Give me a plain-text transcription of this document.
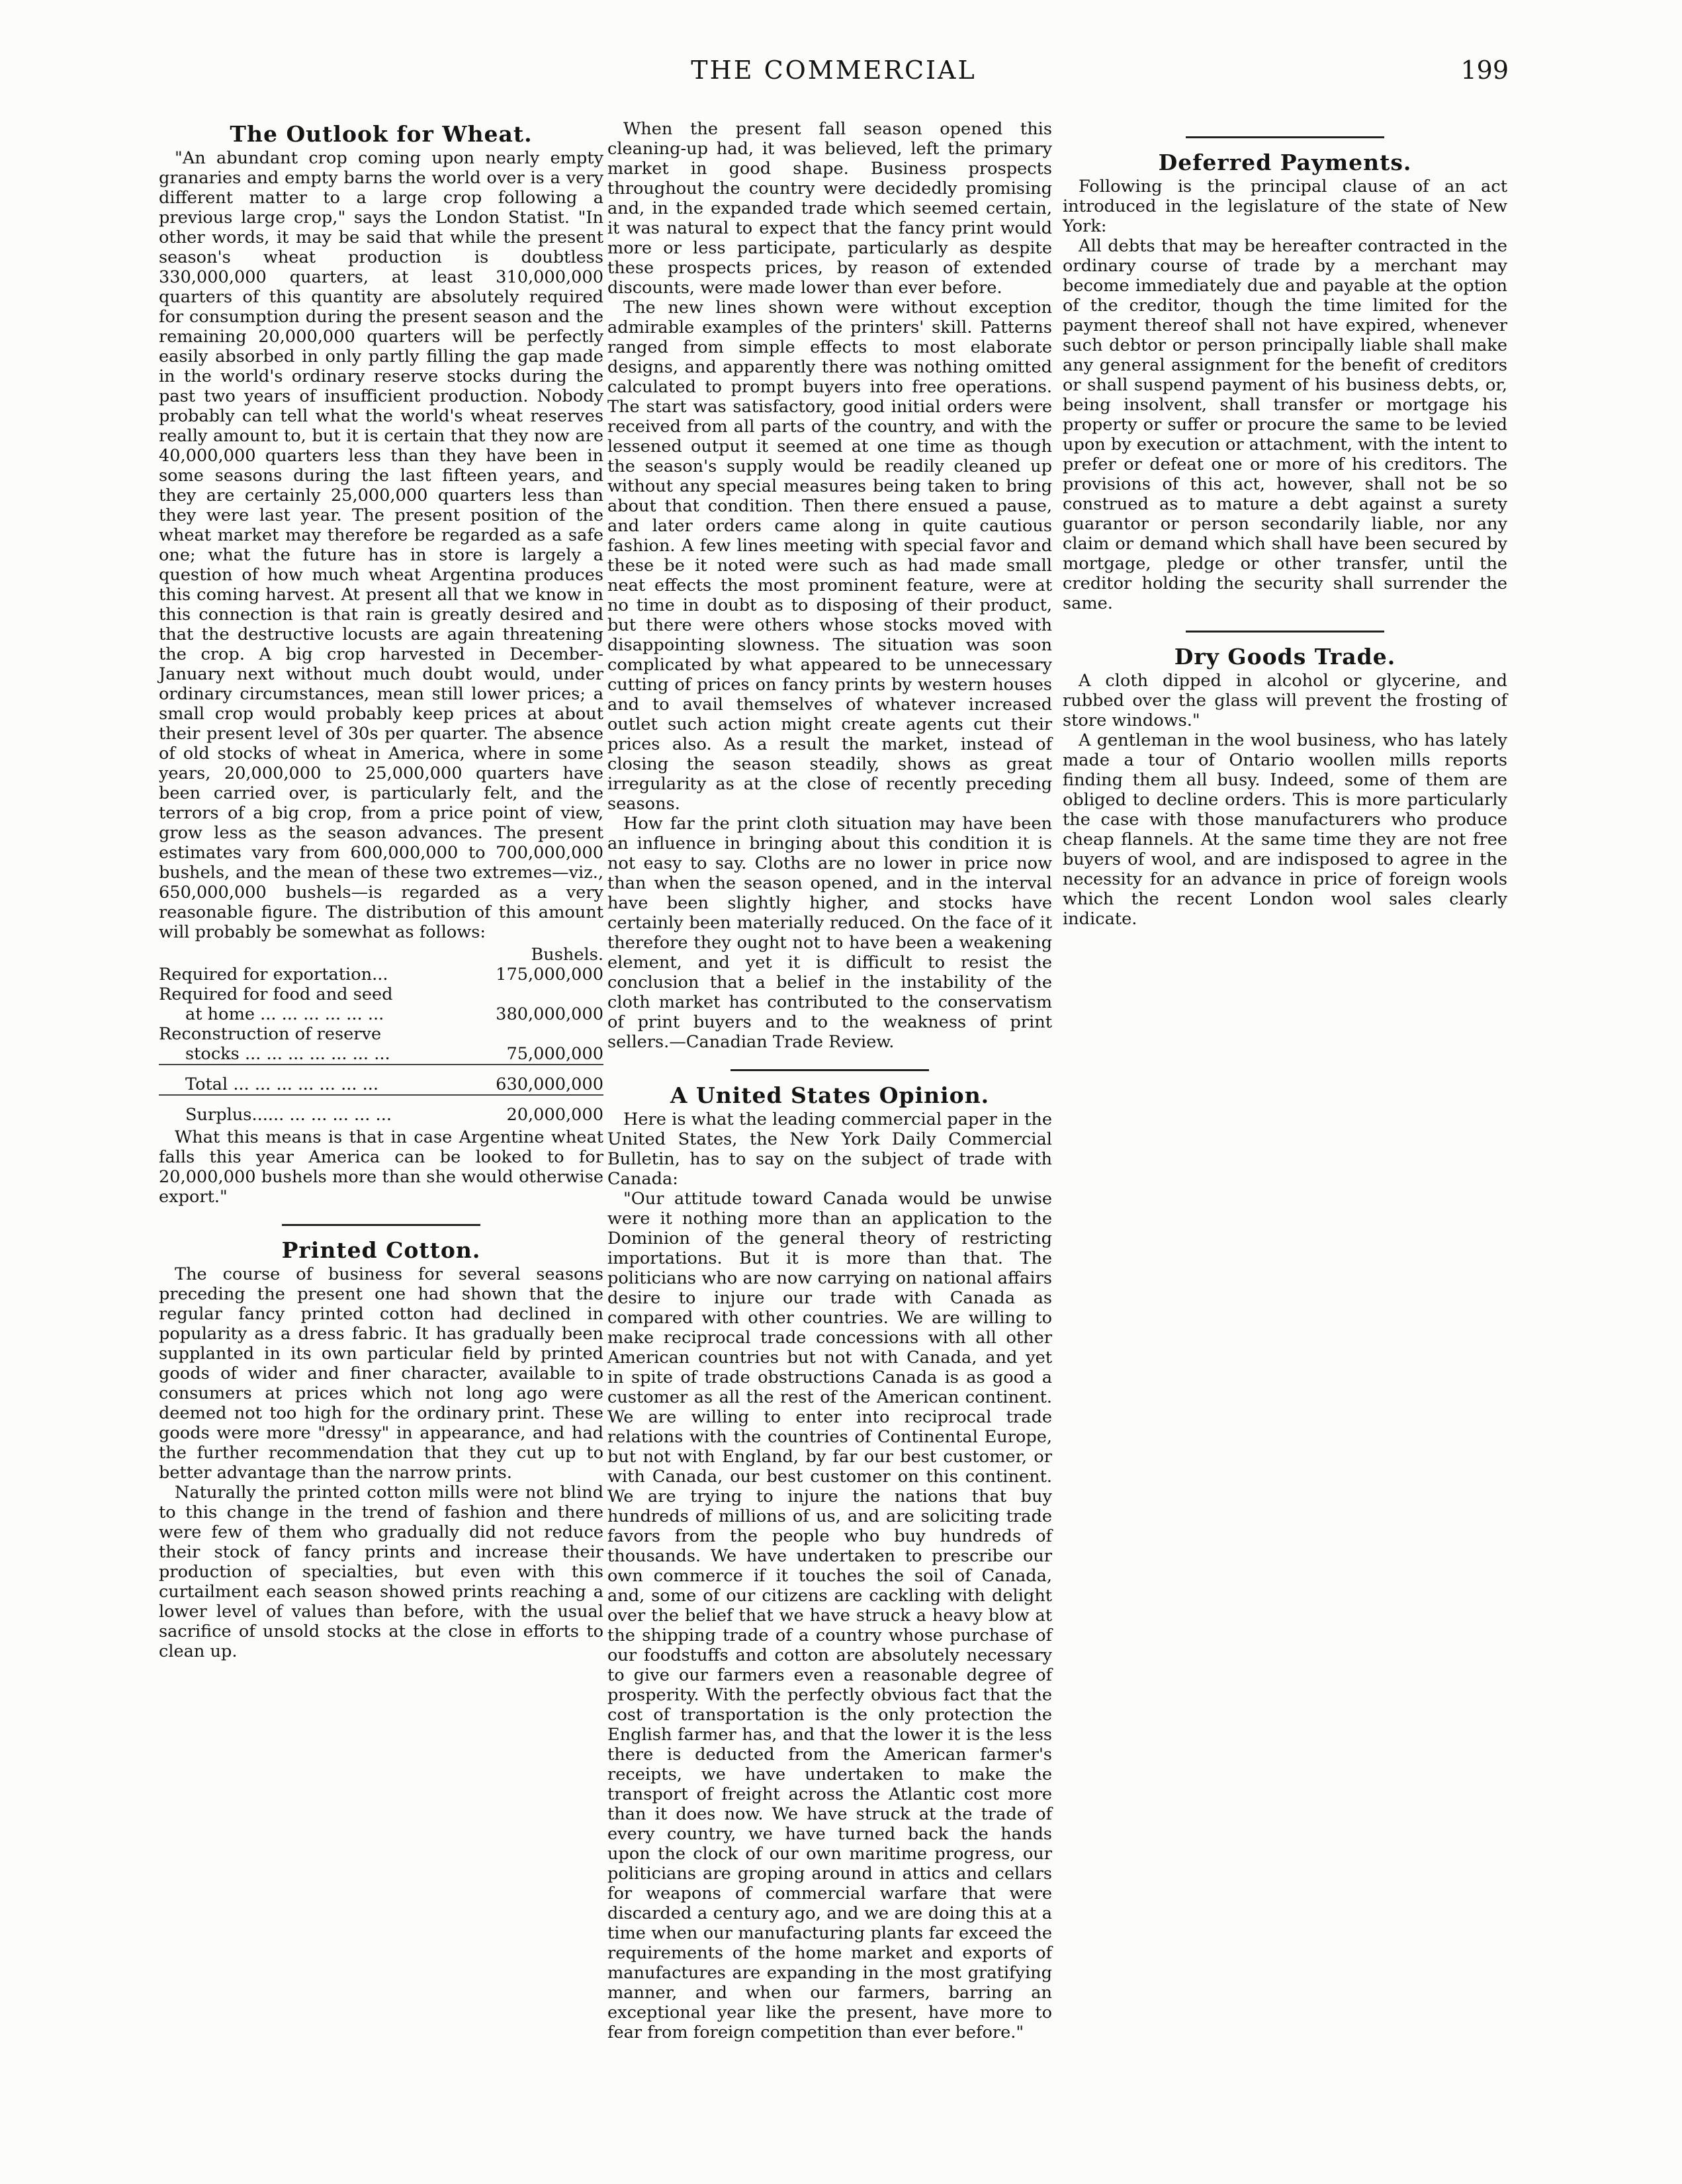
THE COMMERCIAL	199
The Outlook for Wheat.

"An abundant crop coming upon nearly empty granaries and empty barns the world over is a very different matter to a large crop following a previous large crop," says the London Statist. "In other words, it may be said that while the present season's wheat production is doubtless 330,000,000 quarters, at least 310,000,000 quarters of this quantity are absolutely required for consumption during the present season and the remaining 20,000,000 quarters will be perfectly easily absorbed in only partly filling the gap made in the world's ordinary reserve stocks during the past two years of insufficient production. Nobody probably can tell what the world's wheat reserves really amount to, but it is certain that they now are 40,000,000 quarters less than they have been in some seasons during the last fifteen years, and they are certainly 25,000,000 quarters less than they were last year. The present position of the wheat market may therefore be regarded as a safe one; what the future has in store is largely a question of how much wheat Argentina produces this coming harvest. At present all that we know in this connection is that rain is greatly desired and that the destructive locusts are again threatening the crop. A big crop harvested in December-January next without much doubt would, under ordinary circumstances, mean still lower prices; a small crop would probably keep prices at about their present level of 30s per quarter. The absence of old stocks of wheat in America, where in some years, 20,000,000 to 25,000,000 quarters have been carried over, is particularly felt, and the terrors of a big crop, from a price point of view, grow less as the season advances. The present estimates vary from 600,000,000 to 700,000,000 bushels, and the mean of these two extremes—viz., 650,000,000 bushels—is regarded as a very reasonable figure. The distribution of this amount will probably be somewhat as follows:

	Bushels.
Required for exportation...	175,000,000
Required for food and seed	
at home ... ... ... ... ... ...	380,000,000
Reconstruction of reserve	
stocks ... ... ... ... ... ... ...	75,000,000
Total ... ... ... ... ... ... ...	630,000,000
Surplus...... ... ... ... ... ...	20,000,000

What this means is that in case Argentine wheat falls this year America can be looked to for 20,000,000 bushels more than she would otherwise export."

Printed Cotton.

The course of business for several seasons preceding the present one had shown that the regular fancy printed cotton had declined in popularity as a dress fabric. It has gradually been supplanted in its own particular field by printed goods of wider and finer character, available to consumers at prices which not long ago were deemed not too high for the ordinary print. These goods were more "dressy" in appearance, and had the further recommendation that they cut up to better advantage than the narrow prints.

Naturally the printed cotton mills were not blind to this change in the trend of fashion and there were few of them who gradually did not reduce their stock of fancy prints and increase their production of specialties, but even with this curtailment each season showed prints reaching a lower level of values than before, with the usual sacrifice of unsold stocks at the close in efforts to clean up.

When the present fall season opened this cleaning-up had, it was believed, left the primary market in good shape. Business prospects throughout the country were decidedly promising and, in the expanded trade which seemed certain, it was natural to expect that the fancy print would more or less participate, particularly as despite these prospects prices, by reason of extended discounts, were made lower than ever before.

The new lines shown were without exception admirable examples of the printers' skill. Patterns ranged from simple effects to most elaborate designs, and apparently there was nothing omitted calculated to prompt buyers into free operations. The start was satisfactory, good initial orders were received from all parts of the country, and with the lessened output it seemed at one time as though the season's supply would be readily cleaned up without any special measures being taken to bring about that condition. Then there ensued a pause, and later orders came along in quite cautious fashion. A few lines meeting with special favor and these be it noted were such as had made small neat effects the most prominent feature, were at no time in doubt as to disposing of their product, but there were others whose stocks moved with disappointing slowness. The situation was soon complicated by what appeared to be unnecessary cutting of prices on fancy prints by western houses and to avail themselves of whatever increased outlet such action might create agents cut their prices also. As a result the market, instead of closing the season steadily, shows as great irregularity as at the close of recently preceding seasons.

How far the print cloth situation may have been an influence in bringing about this condition it is not easy to say. Cloths are no lower in price now than when the season opened, and in the interval have been slightly higher, and stocks have certainly been materially reduced. On the face of it therefore they ought not to have been a weakening element, and yet it is difficult to resist the conclusion that a belief in the instability of the cloth market has contributed to the conservatism of print buyers and to the weakness of print sellers.—Canadian Trade Review.

A United States Opinion.

Here is what the leading commercial paper in the United States, the New York Daily Commercial Bulletin, has to say on the subject of trade with Canada:

"Our attitude toward Canada would be unwise were it nothing more than an application to the Dominion of the general theory of restricting importations. But it is more than that. The politicians who are now carrying on national affairs desire to injure our trade with Canada as compared with other countries. We are willing to make reciprocal trade concessions with all other American countries but not with Canada, and yet in spite of trade obstructions Canada is as good a customer as all the rest of the American continent. We are willing to enter into reciprocal trade relations with the countries of Continental Europe, but not with England, by far our best customer, or with Canada, our best customer on this continent. We are trying to injure the nations that buy hundreds of millions of us, and are soliciting trade favors from the people who buy hundreds of thousands. We have undertaken to prescribe our own commerce if it touches the soil of Canada, and, some of our citizens are cackling with delight over the belief that we have struck a heavy blow at the shipping trade of a country whose purchase of our foodstuffs and cotton are absolutely necessary to give our farmers even a reasonable degree of prosperity. With the perfectly obvious fact that the cost of transportation is the only protection the English farmer has, and that the lower it is the less there is deducted from the American farmer's receipts, we have undertaken to make the transport of freight across the Atlantic cost more than it does now. We have struck at the trade of every country, we have turned back the hands upon the clock of our own maritime progress, our politicians are groping around in attics and cellars for weapons of commercial warfare that were discarded a century ago, and we are doing this at a time when our manufacturing plants far exceed the requirements of the home market and exports of manufactures are expanding in the most gratifying manner, and when our farmers, barring an exceptional year like the present, have more to fear from foreign competition than ever before."

Deferred Payments.

Following is the principal clause of an act introduced in the legislature of the state of New York:

All debts that may be hereafter contracted in the ordinary course of trade by a merchant may become immediately due and payable at the option of the creditor, though the time limited for the payment thereof shall not have expired, whenever such debtor or person principally liable shall make any general assignment for the benefit of creditors or shall suspend payment of his business debts, or, being insolvent, shall transfer or mortgage his property or suffer or procure the same to be levied upon by execution or attachment, with the intent to prefer or defeat one or more of his creditors. The provisions of this act, however, shall not be so construed as to mature a debt against a surety guarantor or person secondarily liable, nor any claim or demand which shall have been secured by mortgage, pledge or other transfer, until the creditor holding the security shall surrender the same.

Dry Goods Trade.

A cloth dipped in alcohol or glycerine, and rubbed over the glass will prevent the frosting of store windows."

A gentleman in the wool business, who has lately made a tour of Ontario woollen mills reports finding them all busy. Indeed, some of them are obliged to decline orders. This is more particularly the case with those manufacturers who produce cheap flannels. At the same time they are not free buyers of wool, and are indisposed to agree in the necessity for an advance in price of foreign wools which the recent London wool sales clearly indicate.
